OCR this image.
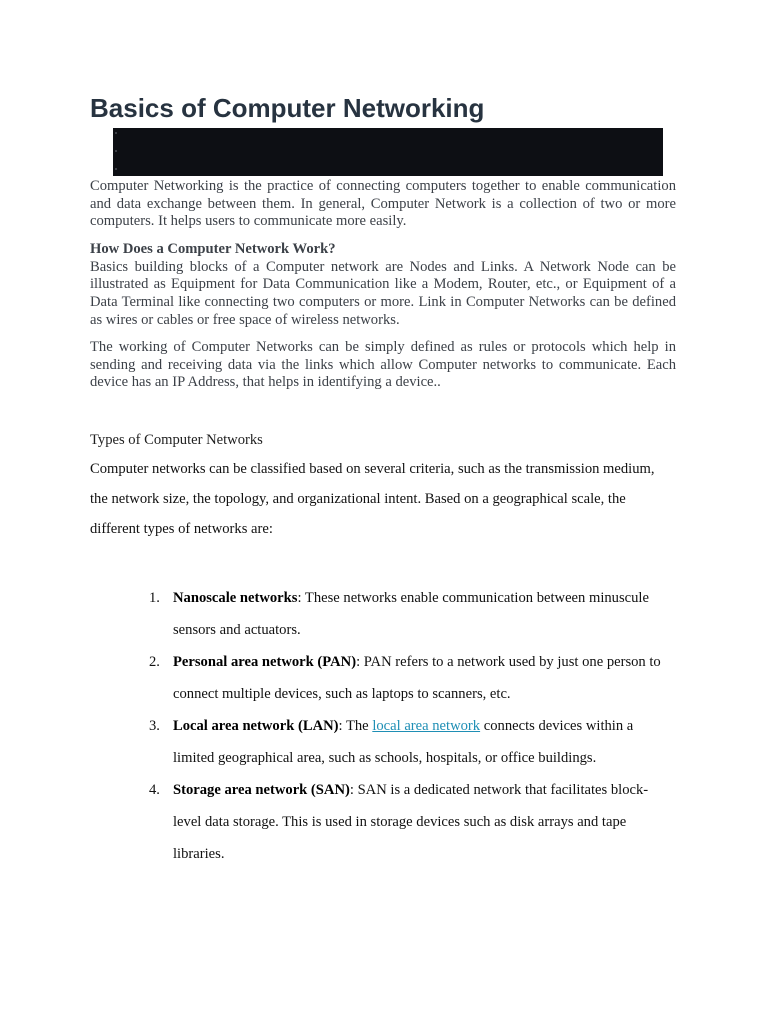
Basics of Computer Networking

Computer Networking is the practice of connecting computers together to enable communication and data exchange between them. In general, Computer Network is a collection of two or more computers. It helps users to communicate more easily.

How Does a Computer Network Work?

Basics building blocks of a Computer network are Nodes and Links. A Network Node can be illustrated as Equipment for Data Communication like a Modem, Router, etc., or Equipment of a Data Terminal like connecting two computers or more. Link in Computer Networks can be defined as wires or cables or free space of wireless networks.

The working of Computer Networks can be simply defined as rules or protocols which help in sending and receiving data via the links which allow Computer networks to communicate. Each device has an IP Address, that helps in identifying a device..

Types of Computer Networks

Computer networks can be classified based on several criteria, such as the transmission medium, the network size, the topology, and organizational intent. Based on a geographical scale, the different types of networks are:

1. Nanoscale networks: These networks enable communication between minuscule sensors and actuators.
2. Personal area network (PAN): PAN refers to a network used by just one person to connect multiple devices, such as laptops to scanners, etc.
3. Local area network (LAN): The local area network connects devices within a limited geographical area, such as schools, hospitals, or office buildings.
4. Storage area network (SAN): SAN is a dedicated network that facilitates block-level data storage. This is used in storage devices such as disk arrays and tape libraries.
